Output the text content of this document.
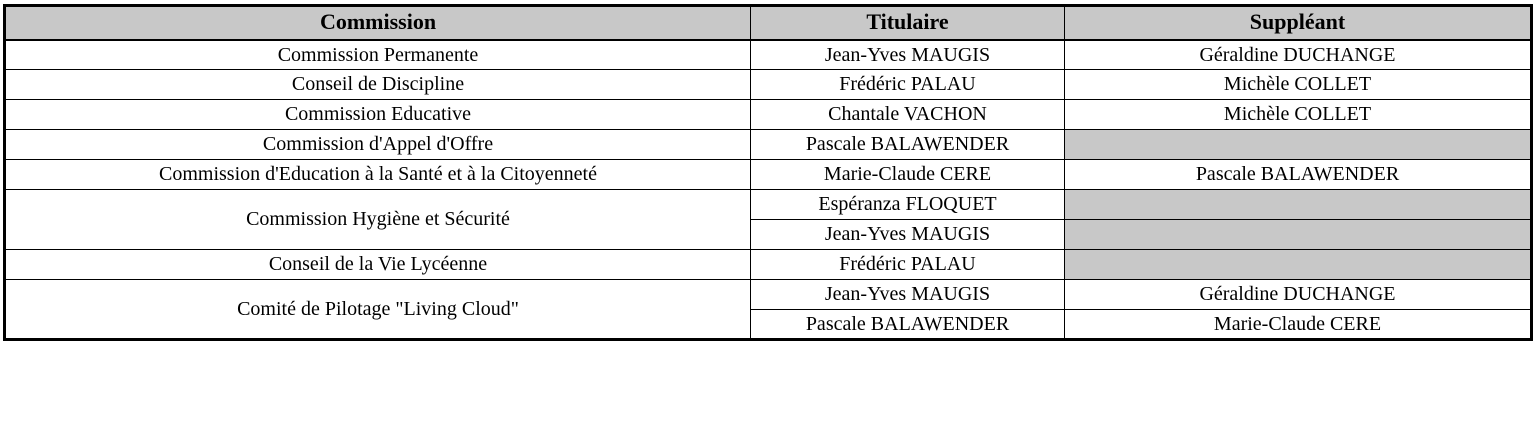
Commission	Titulaire	Suppléant
Commission Permanente	Jean-Yves MAUGIS	Géraldine DUCHANGE
Conseil de Discipline	Frédéric PALAU	Michèle COLLET
Commission Educative	Chantale VACHON	Michèle COLLET
Commission d'Appel d'Offre	Pascale BALAWENDER	
Commission d'Education à la Santé et à la Citoyenneté	Marie-Claude CERE	Pascale BALAWENDER
Commission Hygiène et Sécurité	Espéranza FLOQUET	
	Jean-Yves MAUGIS	
Conseil de la Vie Lycéenne	Frédéric PALAU	
Comité de Pilotage "Living Cloud"	Jean-Yves MAUGIS	Géraldine DUCHANGE
	Pascale BALAWENDER	Marie-Claude CERE
